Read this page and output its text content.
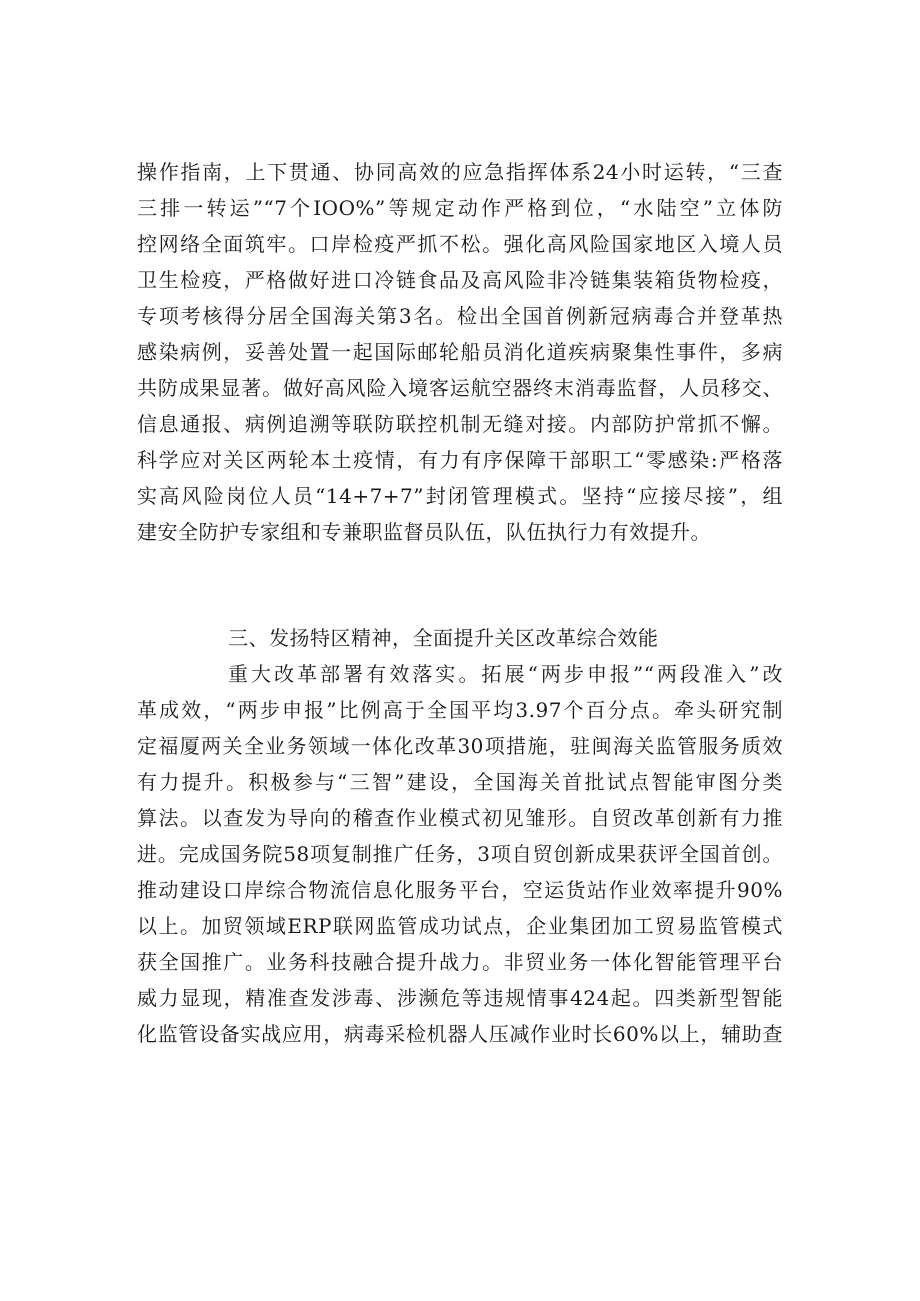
操作指南，上下贯通、协同高效的应急指挥体系24小时运转，“三查
三排一转运”“7个IOO%”等规定动作严格到位，“水陆空”立体防
控网络全面筑牢。口岸检疫严抓不松。强化高风险国家地区入境人员
卫生检疫，严格做好进口冷链食品及高风险非冷链集装箱货物检疫，
专项考核得分居全国海关第3名。检出全国首例新冠病毒合并登革热
感染病例，妥善处置一起国际邮轮船员消化道疾病聚集性事件，多病
共防成果显著。做好高风险入境客运航空器终末消毒监督，人员移交、
信息通报、病例追溯等联防联控机制无缝对接。内部防护常抓不懈。
科学应对关区两轮本土疫情，有力有序保障干部职工“零感染:严格落
实高风险岗位人员“14+7+7”封闭管理模式。坚持“应接尽接”，组
建安全防护专家组和专兼职监督员队伍，队伍执行力有效提升。
三、发扬特区精神，全面提升关区改革综合效能
重大改革部署有效落实。拓展“两步申报”“两段准入”改
革成效，“两步申报”比例高于全国平均3.97个百分点。牵头研究制
定福厦两关全业务领域一体化改革30项措施，驻闽海关监管服务质效
有力提升。积极参与“三智”建设，全国海关首批试点智能审图分类
算法。以查发为导向的稽查作业模式初见雏形。自贸改革创新有力推
进。完成国务院58项复制推广任务，3项自贸创新成果获评全国首创。
推动建设口岸综合物流信息化服务平台，空运货站作业效率提升90%
以上。加贸领域ERP联网监管成功试点，企业集团加工贸易监管模式
获全国推广。业务科技融合提升战力。非贸业务一体化智能管理平台
威力显现，精准查发涉毒、涉濒危等违规情事424起。四类新型智能
化监管设备实战应用，病毒采检机器人压减作业时长60%以上，辅助查
